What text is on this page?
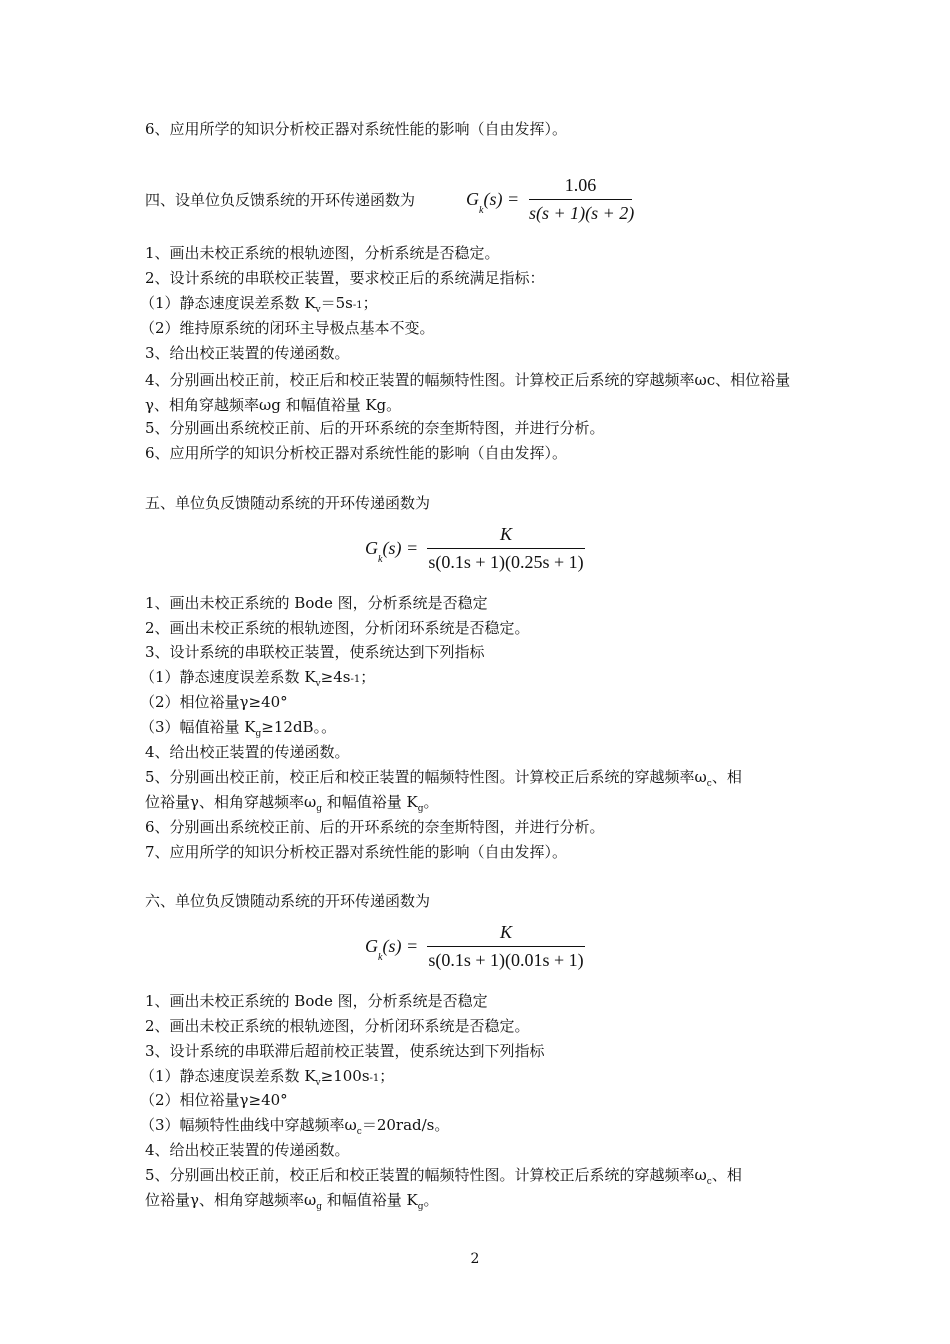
6、应用所学的知识分析校正器对系统性能的影响（自由发挥）。
四、设单位负反馈系统的开环传递函数为	$G_k(s)$ =
1.06
s(s + 1)(s + 2)
1、画出未校正系统的根轨迹图，分析系统是否稳定。
2、设计系统的串联校正装置，要求校正后的系统满足指标：
（1）静态速度误差系数 $K_v=5s-1$；
（2）维持原系统的闭环主导极点基本不变。
3、给出校正装置的传递函数。
4、分别画出校正前，校正后和校正装置的幅频特性图。计算校正后系统的穿越频率ωc、相位裕量γ、相角穿越频率ωg 和幅值裕量 Kg。
5、分别画出系统校正前、后的开环系统的奈奎斯特图，并进行分析。
6、应用所学的知识分析校正器对系统性能的影响（自由发挥）。
五、单位负反馈随动系统的开环传递函数为
$G_k(s)$ =
K
s(0.1s + 1)(0.25s + 1)
1、画出未校正系统的 Bode 图，分析系统是否稳定
2、画出未校正系统的根轨迹图，分析闭环系统是否稳定。
3、设计系统的串联校正装置，使系统达到下列指标
（1）静态速度误差系数 $K_v\ge 4s-1$；
（2）相位裕量γ≥40°
（3）幅值裕量 $K_g\ge 12dB$。。
4、给出校正装置的传递函数。
5、分别画出校正前，校正后和校正装置的幅频特性图。计算校正后系统的穿越频率$\omega_c$、相
位裕量γ、相角穿越频率$\omega_g$ 和幅值裕量 $K_g$。
6、分别画出系统校正前、后的开环系统的奈奎斯特图，并进行分析。
7、应用所学的知识分析校正器对系统性能的影响（自由发挥）。
六、单位负反馈随动系统的开环传递函数为
$G_k(s)$ =
K
s(0.1s + 1)(0.01s + 1)
1、画出未校正系统的 Bode 图，分析系统是否稳定
2、画出未校正系统的根轨迹图，分析闭环系统是否稳定。
3、设计系统的串联滞后超前校正装置，使系统达到下列指标
（1）静态速度误差系数 $K_v\ge 100s-1$；
（2）相位裕量γ≥40°
（3）幅频特性曲线中穿越频率$\omega_c=20rad/s$。
4、给出校正装置的传递函数。
5、分别画出校正前，校正后和校正装置的幅频特性图。计算校正后系统的穿越频率$\omega_c$、相
位裕量γ、相角穿越频率$\omega_g$ 和幅值裕量 $K_g$。
2
